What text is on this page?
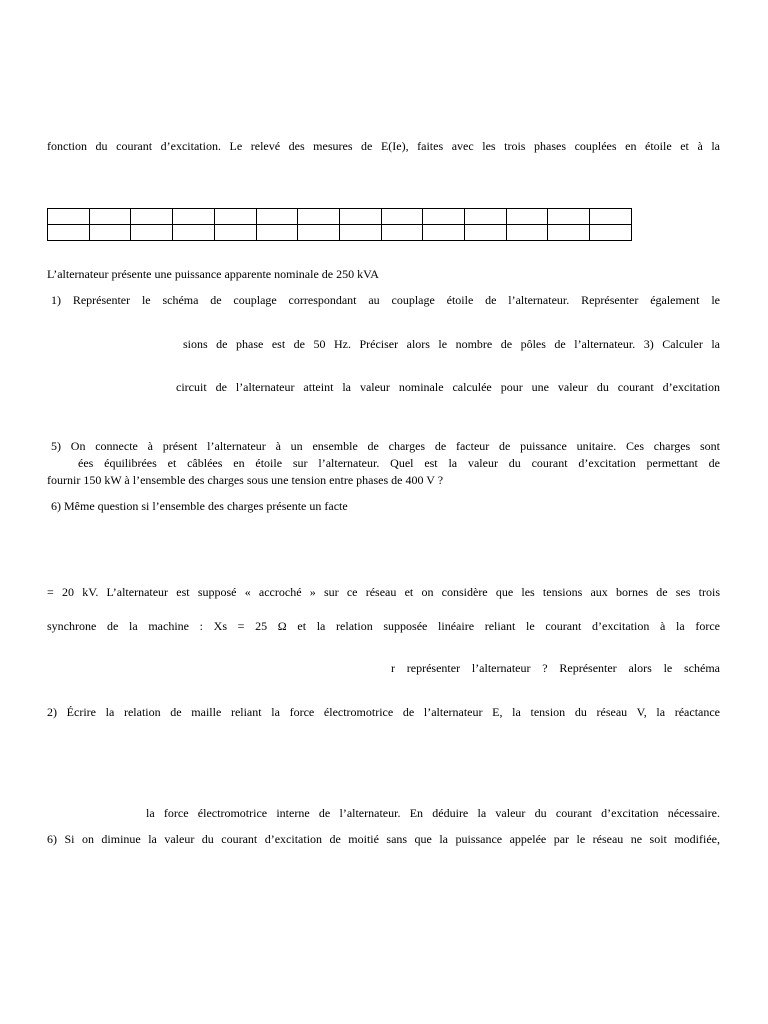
fonction du courant d’excitation. Le relevé des mesures de E(Ie), faites avec les trois phases couplées en étoile et à la

L’alternateur présente une puissance apparente nominale de 250 kVA
1) Représenter le schéma de couplage correspondant au couplage étoile de l’alternateur. Représenter également le
sions de phase est de 50 Hz. Préciser alors le nombre de pôles de l’alternateur. 3) Calculer la
circuit de l’alternateur atteint la valeur nominale calculée pour une valeur du courant d’excitation
5) On connecte à présent l’alternateur à un ensemble de charges de facteur de puissance unitaire. Ces charges sont
ées équilibrées et câblées en étoile sur l’alternateur. Quel est la valeur du courant d’excitation permettant de
fournir 150 kW à l’ensemble des charges sous une tension entre phases de 400 V ?
6) Même question si l’ensemble des charges présente un facte
= 20 kV. L’alternateur est supposé « accroché » sur ce réseau et on considère que les tensions aux bornes de ses trois
synchrone de la machine : Xs = 25 Ω et la relation supposée linéaire reliant le courant d’excitation à la force
r représenter l’alternateur ? Représenter alors le schéma
2) Écrire la relation de maille reliant la force électromotrice de l’alternateur E, la tension du réseau V, la réactance
la force électromotrice interne de l’alternateur. En déduire la valeur du courant d’excitation nécessaire.
6) Si on diminue la valeur du courant d’excitation de moitié sans que la puissance appelée par le réseau ne soit modifiée,
